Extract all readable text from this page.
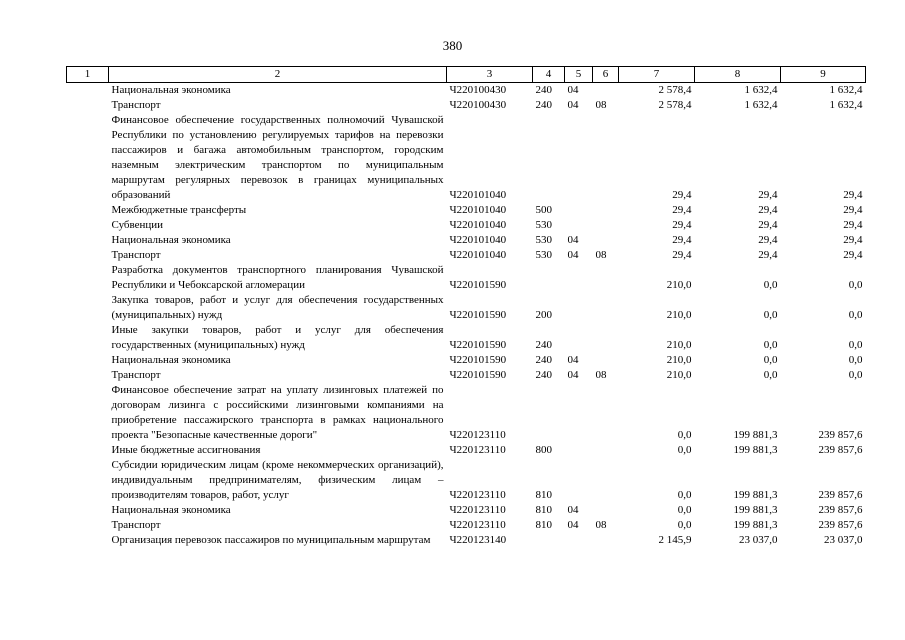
380
1	2	3	4	5	6	7	8	9
	Национальная экономика	Ч220100430	240	04		2 578,4	1 632,4	1 632,4
	Транспорт	Ч220100430	240	04	08	2 578,4	1 632,4	1 632,4
	Финансовое обеспечение государственных полномочий Чувашской Республики по установлению регулируемых тарифов на перевозки пассажиров и багажа автомобильным транспортом, городским наземным электрическим транспортом по муниципальным маршрутам регулярных перевозок в границах муниципальных образований	Ч220101040				29,4	29,4	29,4
	Межбюджетные трансферты	Ч220101040	500			29,4	29,4	29,4
	Субвенции	Ч220101040	530			29,4	29,4	29,4
	Национальная экономика	Ч220101040	530	04		29,4	29,4	29,4
	Транспорт	Ч220101040	530	04	08	29,4	29,4	29,4
	Разработка документов транспортного планирования Чувашской Республики и Чебоксарской агломерации	Ч220101590				210,0	0,0	0,0
	Закупка товаров, работ и услуг для обеспечения государственных (муниципальных) нужд	Ч220101590	200			210,0	0,0	0,0
	Иные закупки товаров, работ и услуг для обеспечения государственных (муниципальных) нужд	Ч220101590	240			210,0	0,0	0,0
	Национальная экономика	Ч220101590	240	04		210,0	0,0	0,0
	Транспорт	Ч220101590	240	04	08	210,0	0,0	0,0
	Финансовое обеспечение затрат на уплату лизинговых платежей по договорам лизинга с российскими лизинговыми компаниями на приобретение пассажирского транспорта в рамках национального проекта "Безопасные качественные дороги"	Ч220123110				0,0	199 881,3	239 857,6
	Иные бюджетные ассигнования	Ч220123110	800			0,0	199 881,3	239 857,6
	Субсидии юридическим лицам (кроме некоммерческих организаций), индивидуальным предпринимателям, физическим лицам – производителям товаров, работ, услуг	Ч220123110	810			0,0	199 881,3	239 857,6
	Национальная экономика	Ч220123110	810	04		0,0	199 881,3	239 857,6
	Транспорт	Ч220123110	810	04	08	0,0	199 881,3	239 857,6
	Организация перевозок пассажиров по муниципальным маршрутам	Ч220123140				2 145,9	23 037,0	23 037,0
